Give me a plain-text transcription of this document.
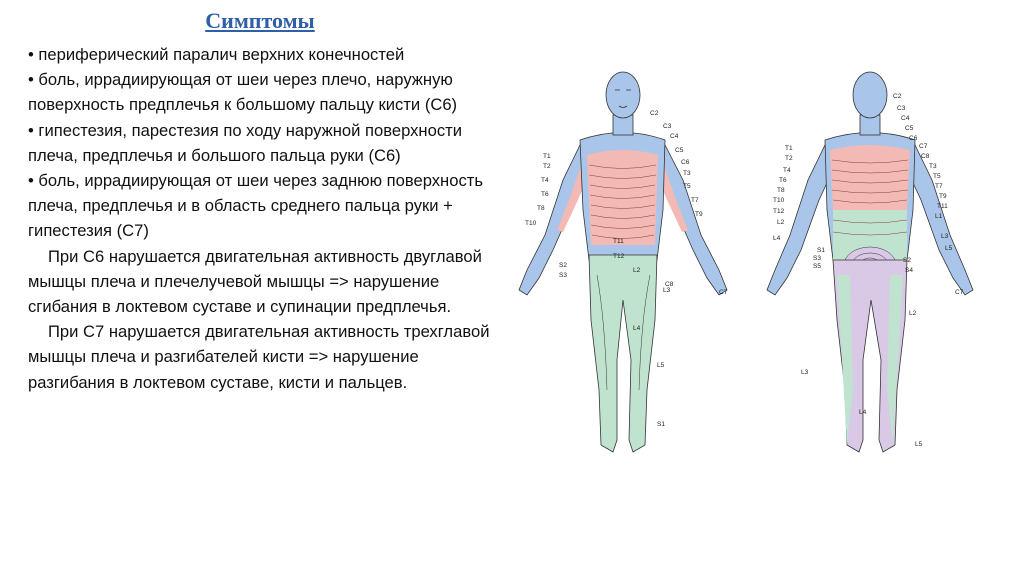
Симптомы

• периферический паралич верхних конечностей

• боль, иррадиирующая от шеи через плечо, наружную поверхность предплечья к большому пальцу кисти (С6)

• гипестезия, парестезия по ходу наружной поверхности плеча, предплечья и большого пальца руки (С6)

• боль, иррадиирующая от шеи через заднюю поверхность плеча, предплечья и в область среднего пальца руки + гипестезия (С7)

При С6 нарушается двигательная активность двуглавой мышцы плеча и плечелучевой мышцы => нарушение сгибания в локтевом суставе и супинации предплечья.

При С7 нарушается двигательная активность трехглавой мышцы плеча и разгибателей кисти => нарушение разгибания в локтевом суставе, кисти и пальцев.

C2
C3
C4
C5
C6
T3
T5
T7
T9
T1
T2
T4
T6
T8
T10
T11
T12
L2
L3
S2
S3
C8
C7
L4
L5
S1
C2
C3
C4
C5
C6
C7
C8
T1
T2
T3
T4
T5
T6
T7
T8
T9
T10
T11
T12
L1
L2
L3
L4
L5
S1
S2
S3
S4
S5
C7
L2
L3
L4
L5
